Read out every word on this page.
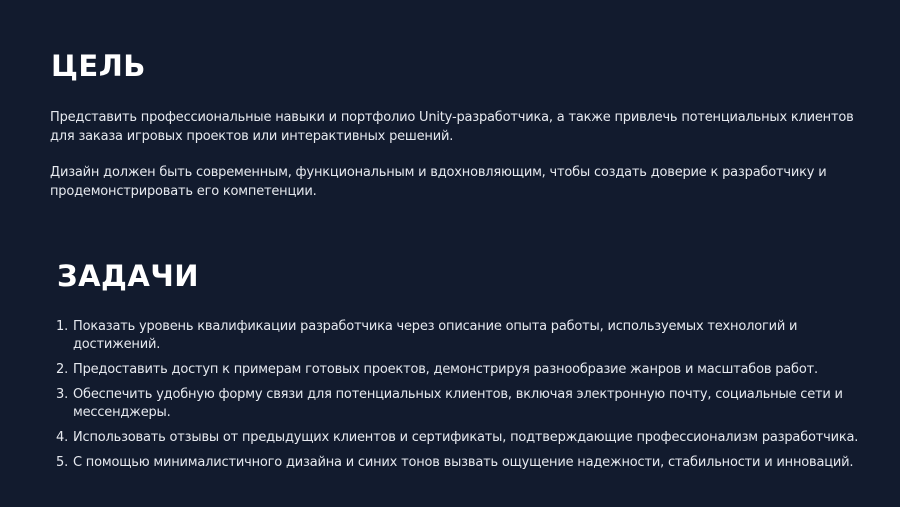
ЦЕЛЬ

Представить профессиональные навыки и портфолио Unity-разработчика, а также привлечь потенциальных клиентов для заказа игровых проектов или интерактивных решений.

Дизайн должен быть современным, функциональным и вдохновляющим, чтобы создать доверие к разработчику и продемонстрировать его компетенции.

ЗАДАЧИ
1. Показать уровень квалификации разработчика через описание опыта работы, используемых технологий и достижений.
2. Предоставить доступ к примерам готовых проектов, демонстрируя разнообразие жанров и масштабов работ.
3. Обеспечить удобную форму связи для потенциальных клиентов, включая электронную почту, социальные сети и мессенджеры.
4. Использовать отзывы от предыдущих клиентов и сертификаты, подтверждающие профессионализм разработчика.
5. С помощью минималистичного дизайна и синих тонов вызвать ощущение надежности, стабильности и инноваций.
